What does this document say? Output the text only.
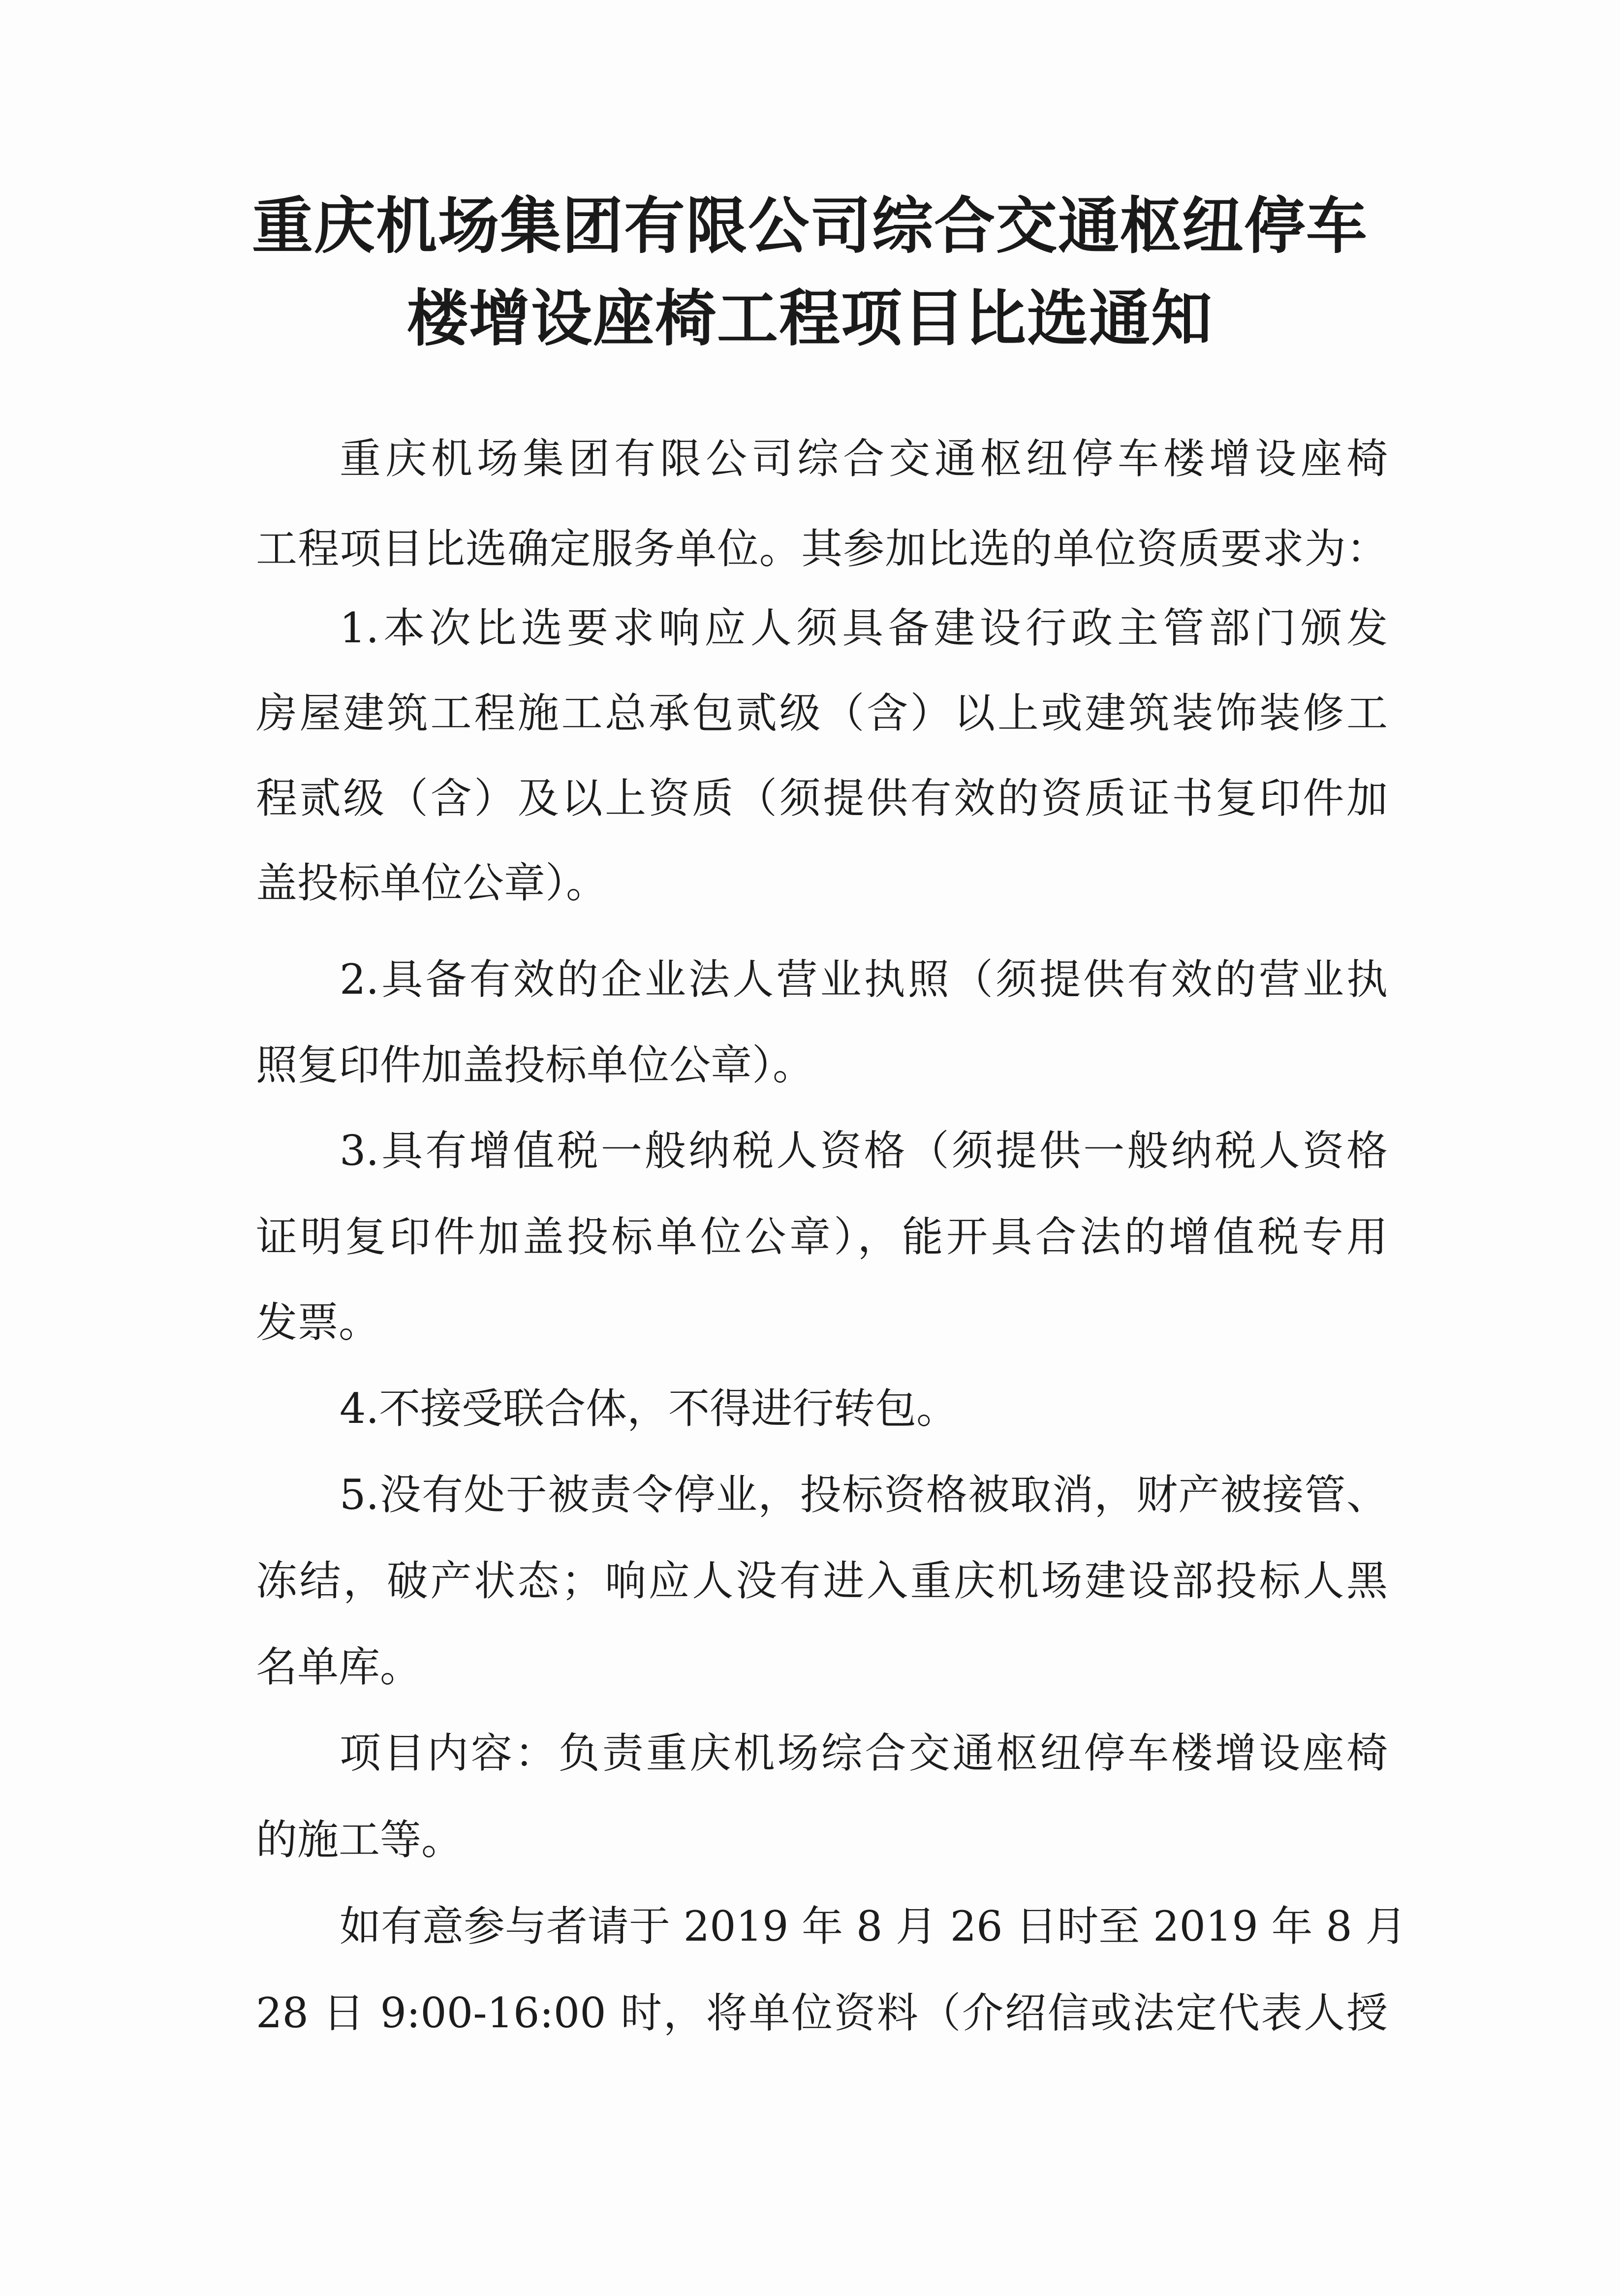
重庆机场集团有限公司综合交通枢纽停车
楼增设座椅工程项目比选通知
重庆机场集团有限公司综合交通枢纽停车楼增设座椅
工程项目比选确定服务单位。其参加比选的单位资质要求为：
1.本次比选要求响应人须具备建设行政主管部门颁发
房屋建筑工程施工总承包贰级（含）以上或建筑装饰装修工
程贰级（含）及以上资质（须提供有效的资质证书复印件加
盖投标单位公章）。
2.具备有效的企业法人营业执照（须提供有效的营业执
照复印件加盖投标单位公章）。
3.具有增值税一般纳税人资格（须提供一般纳税人资格
证明复印件加盖投标单位公章），能开具合法的增值税专用
发票。
4.不接受联合体，不得进行转包。
5.没有处于被责令停业，投标资格被取消，财产被接管、
冻结，破产状态；响应人没有进入重庆机场建设部投标人黑
名单库。
项目内容：负责重庆机场综合交通枢纽停车楼增设座椅
的施工等。
如有意参与者请于 2019 年 8 月 26 日时至 2019 年 8 月
28 日 9:00-16:00 时，将单位资料（介绍信或法定代表人授
